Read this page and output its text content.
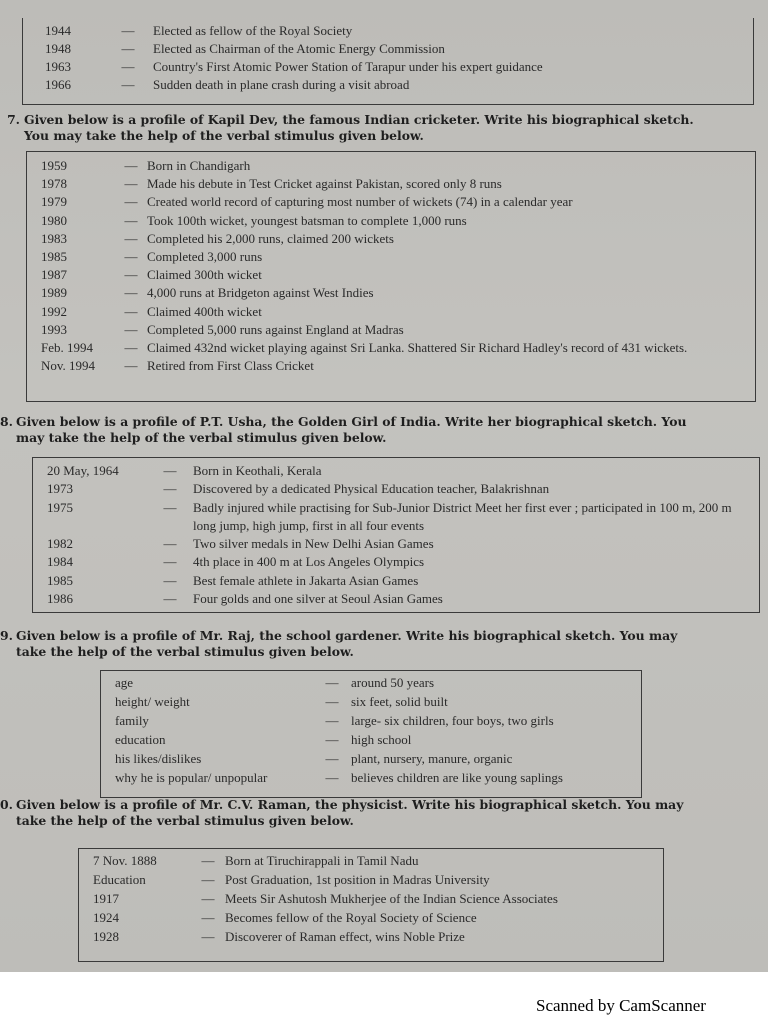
1944	—	Elected as fellow of the Royal Society
1948	—	Elected as Chairman of the Atomic Energy Commission
1963	—	Country's First Atomic Power Station of Tarapur under his expert guidance
1966	—	Sudden death in plane crash during a visit abroad
7. Given below is a profile of Kapil Dev, the famous Indian cricketer. Write his biographical sketch.
You may take the help of the verbal stimulus given below.
1959	— Born in Chandigarh
1978	— Made his debute in Test Cricket against Pakistan, scored only 8 runs
1979	— Created world record of capturing most number of wickets (74) in a calendar year
1980	— Took 100th wicket, youngest batsman to complete 1,000 runs
1983	— Completed his 2,000 runs, claimed 200 wickets
1985	— Completed 3,000 runs
1987	— Claimed 300th wicket
1989	— 4,000 runs at Bridgeton against West Indies
1992	— Claimed 400th wicket
1993	— Completed 5,000 runs against England at Madras
Feb. 1994	— Claimed 432nd wicket playing against Sri Lanka. Shattered Sir Richard Hadley's record of 431 wickets.
Nov. 1994	— Retired from First Class Cricket
8. Given below is a profile of P.T. Usha, the Golden Girl of India. Write her biographical sketch. You
may take the help of the verbal stimulus given below.
20 May, 1964	—	Born in Keothali, Kerala
1973	—	Discovered by a dedicated Physical Education teacher, Balakrishnan
1975	—	Badly injured while practising for Sub-Junior District Meet her first ever ; participated in 100 m, 200 m long jump, high jump, first in all four events
1982	—	Two silver medals in New Delhi Asian Games
1984	—	4th place in 400 m at Los Angeles Olympics
1985	—	Best female athlete in Jakarta Asian Games
1986	—	Four golds and one silver at Seoul Asian Games
9. Given below is a profile of Mr. Raj, the school gardener. Write his biographical sketch. You may
take the help of the verbal stimulus given below.
age	— around 50 years
height/ weight	— six feet, solid built
family	— large- six children, four boys, two girls
education	— high school
his likes/dislikes	— plant, nursery, manure, organic
why he is popular/ unpopular	— believes children are like young saplings
0. Given below is a profile of Mr. C.V. Raman, the physicist. Write his biographical sketch. You may
take the help of the verbal stimulus given below.
7 Nov. 1888	— Born at Tiruchirappali in Tamil Nadu
Education	— Post Graduation, 1st position in Madras University
1917	— Meets Sir Ashutosh Mukherjee of the Indian Science Associates
1924	— Becomes fellow of the Royal Society of Science
1928	— Discoverer of Raman effect, wins Noble Prize
Scanned by CamScanner
